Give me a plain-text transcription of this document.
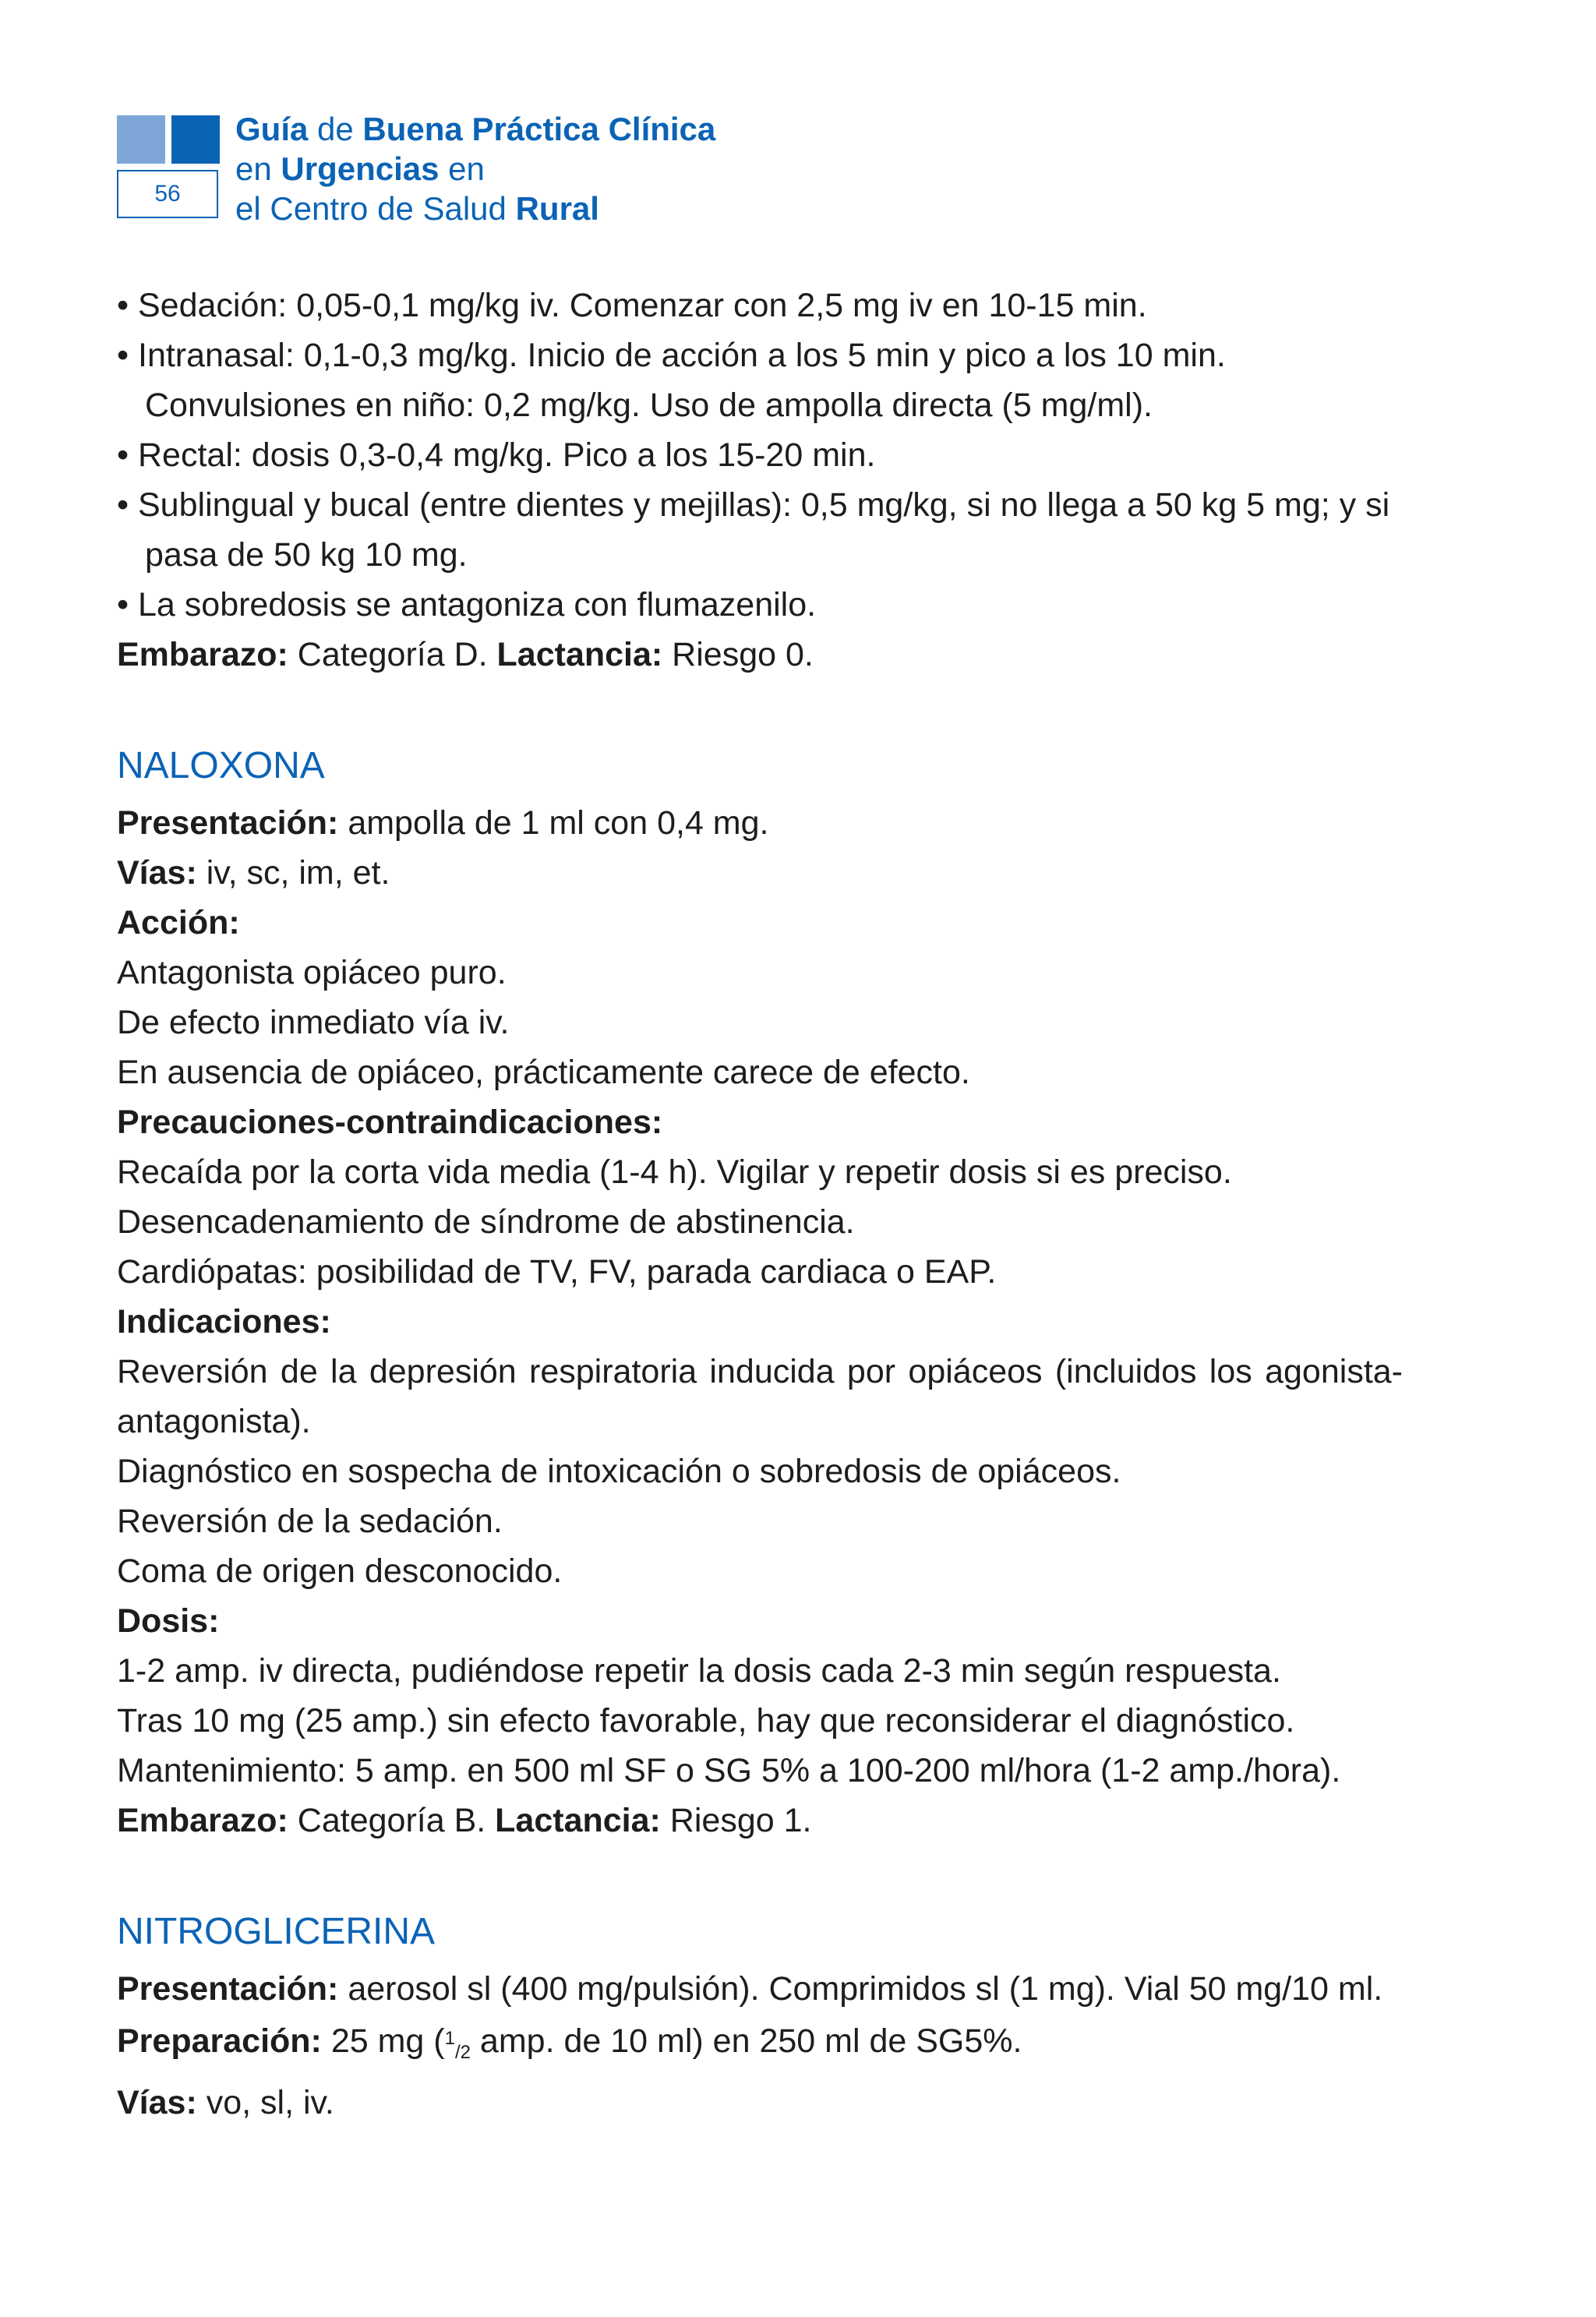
56
Guía de Buena Práctica Clínica
en Urgencias en
el Centro de Salud Rural

• Sedación: 0,05-0,1 mg/kg iv. Comenzar con 2,5 mg iv en 10-15 min.

• Intranasal: 0,1-0,3 mg/kg. Inicio de acción a los 5 min y pico a los 10 min. Convulsiones en niño: 0,2 mg/kg. Uso de ampolla directa (5 mg/ml).

• Rectal: dosis 0,3-0,4 mg/kg. Pico a los 15-20 min.

• Sublingual y bucal (entre dientes y mejillas): 0,5 mg/kg, si no llega a 50 kg 5 mg; y si pasa de 50 kg 10 mg.

• La sobredosis se antagoniza con flumazenilo.

Embarazo: Categoría D. Lactancia: Riesgo 0.

NALOXONA

Presentación: ampolla de 1 ml con 0,4 mg.

Vías: iv, sc, im, et.

Acción:

Antagonista opiáceo puro.

De efecto inmediato vía iv.

En ausencia de opiáceo, prácticamente carece de efecto.

Precauciones-contraindicaciones:

Recaída por la corta vida media (1-4 h). Vigilar y repetir dosis si es preciso.

Desencadenamiento de síndrome de abstinencia.

Cardiópatas: posibilidad de TV, FV, parada cardiaca o EAP.

Indicaciones:

Reversión de la depresión respiratoria inducida por opiáceos (incluidos los agonista-antagonista).

Diagnóstico en sospecha de intoxicación o sobredosis de opiáceos.

Reversión de la sedación.

Coma de origen desconocido.

Dosis:

1-2 amp. iv directa, pudiéndose repetir la dosis cada 2-3 min según respuesta.

Tras 10 mg (25 amp.) sin efecto favorable, hay que reconsiderar el diagnóstico.

Mantenimiento: 5 amp. en 500 ml SF o SG 5% a 100-200 ml/hora (1-2 amp./hora).

Embarazo: Categoría B. Lactancia: Riesgo 1.

NITROGLICERINA

Presentación: aerosol sl (400 mg/pulsión). Comprimidos sl (1 mg). Vial 50 mg/10 ml.

Preparación: 25 mg ($^1_{/2}$ amp. de 10 ml) en 250 ml de SG5%.

Vías: vo, sl, iv.
